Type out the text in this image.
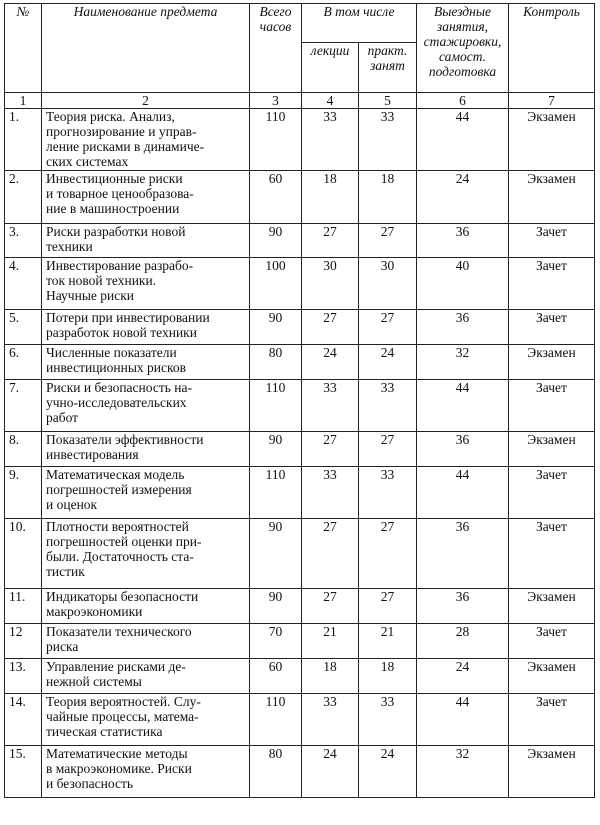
№	Наименование предмета	Всего часов	В том числе		Выездные занятия, стажировки, самост. подготовка	Контроль
			лекции	практ. занят		
1	2	3	4	5	6	7
1.	Теория риска. Анализ,
прогнозирование и управ-
ление рисками в динамиче-
ских системах	110	33	33	44	Экзамен
2.	Инвестиционные риски
и товарное ценообразова-
ние в машиностроении	60	18	18	24	Экзамен
3.	Риски разработки новой
техники	90	27	27	36	Зачет
4.	Инвестирование разрабо-
ток новой техники.
Научные риски	100	30	30	40	Зачет
5.	Потери при инвестировании
разработок новой техники	90	27	27	36	Зачет
6.	Численные показатели
инвестиционных рисков	80	24	24	32	Экзамен
7.	Риски и безопасность на-
учно-исследовательских
работ	110	33	33	44	Зачет
8.	Показатели эффективности
инвестирования	90	27	27	36	Экзамен
9.	Математическая модель
погрешностей измерения
и оценок	110	33	33	44	Зачет
10.	Плотности вероятностей
погрешностей оценки при-
были. Достаточность ста-
тистик	90	27	27	36	Зачет
11.	Индикаторы безопасности
макроэкономики	90	27	27	36	Экзамен
12	Показатели технического
риска	70	21	21	28	Зачет
13.	Управление рисками де-
нежной системы	60	18	18	24	Экзамен
14.	Теория вероятностей. Слу-
чайные процессы, матема-
тическая статистика	110	33	33	44	Зачет
15.	Математические методы
в макроэкономике. Риски
и безопасность	80	24	24	32	Экзамен
